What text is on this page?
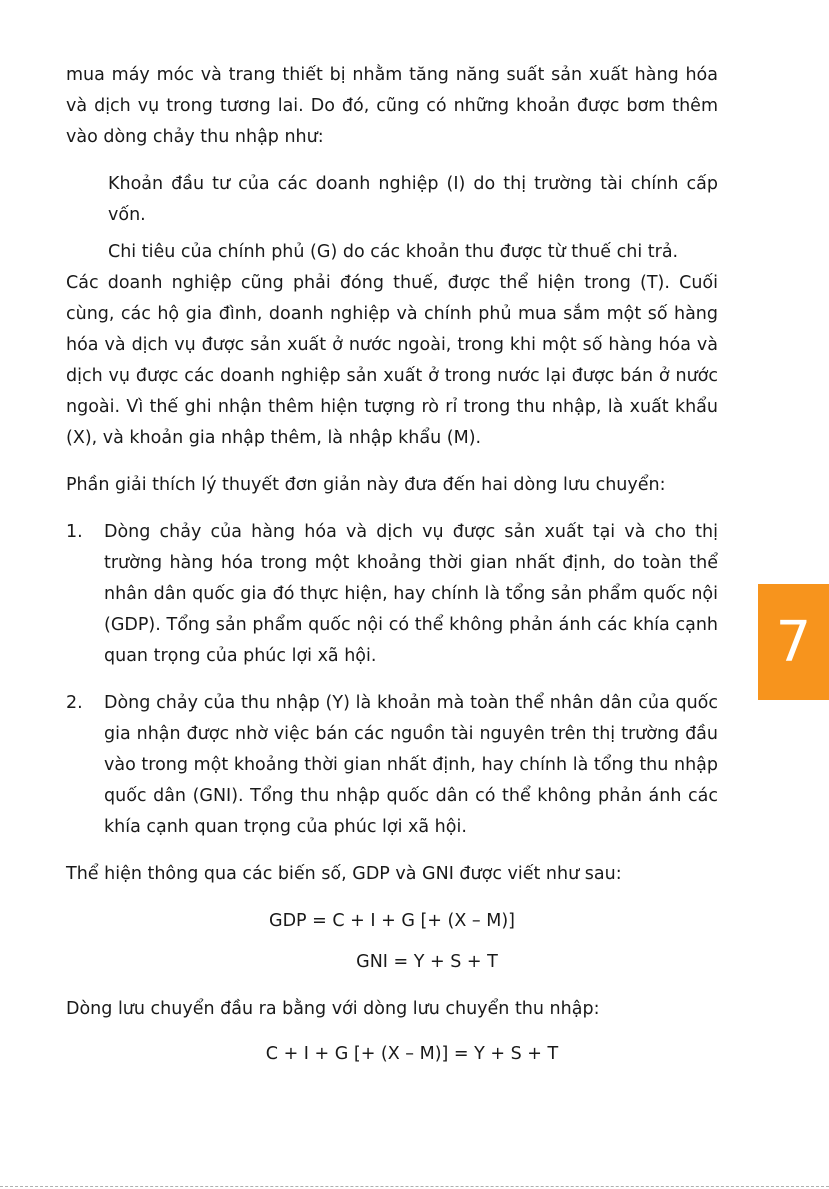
mua máy móc và trang thiết bị nhằm tăng năng suất sản xuất hàng hóa và dịch vụ trong tương lai. Do đó, cũng có những khoản được bơm thêm vào dòng chảy thu nhập như:

Khoản đầu tư của các doanh nghiệp (I) do thị trường tài chính cấp vốn.

Chi tiêu của chính phủ (G) do các khoản thu được từ thuế chi trả.

Các doanh nghiệp cũng phải đóng thuế, được thể hiện trong (T). Cuối cùng, các hộ gia đình, doanh nghiệp và chính phủ mua sắm một số hàng hóa và dịch vụ được sản xuất ở nước ngoài, trong khi một số hàng hóa và dịch vụ được các doanh nghiệp sản xuất ở trong nước lại được bán ở nước ngoài. Vì thế ghi nhận thêm hiện tượng rò rỉ trong thu nhập, là xuất khẩu (X), và khoản gia nhập thêm, là nhập khẩu (M).

Phần giải thích lý thuyết đơn giản này đưa đến hai dòng lưu chuyển:

1. Dòng chảy của hàng hóa và dịch vụ được sản xuất tại và cho thị trường hàng hóa trong một khoảng thời gian nhất định, do toàn thể nhân dân quốc gia đó thực hiện, hay chính là tổng sản phẩm quốc nội (GDP). Tổng sản phẩm quốc nội có thể không phản ánh các khía cạnh quan trọng của phúc lợi xã hội.
2. Dòng chảy của thu nhập (Y) là khoản mà toàn thể nhân dân của quốc gia nhận được nhờ việc bán các nguồn tài nguyên trên thị trường đầu vào trong một khoảng thời gian nhất định, hay chính là tổng thu nhập quốc dân (GNI). Tổng thu nhập quốc dân có thể không phản ánh các khía cạnh quan trọng của phúc lợi xã hội.

Thể hiện thông qua các biến số, GDP và GNI được viết như sau:

GDP = C + I + G [+ (X – M)]
GNI = Y + S + T

Dòng lưu chuyển đầu ra bằng với dòng lưu chuyển thu nhập:

C + I + G [+ (X – M)] = Y + S + T
7
